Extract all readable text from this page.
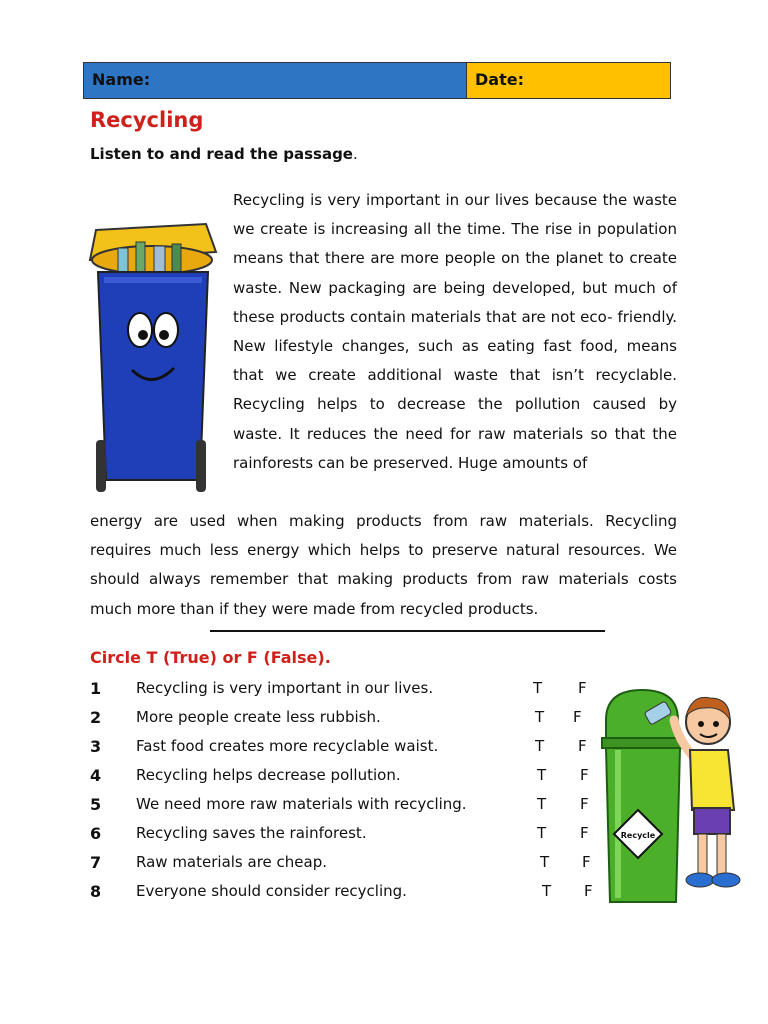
Name:	Date:
Recycling
Listen to and read the passage.
Recycling is very important in our lives because the waste we create is increasing all the time. The rise in population means that there are more people on the planet to create waste. New packaging are being developed, but much of these products contain materials that are not eco- friendly. New lifestyle changes, such as eating fast food, means that we create additional waste that isn’t recyclable. Recycling helps to decrease the pollution caused by waste. It reduces the need for raw materials so that the rainforests can be preserved. Huge amounts of
energy are used when making products from raw materials. Recycling requires much less energy which helps to preserve natural resources. We should always remember that making products from raw materials costs much more than if they were made from recycled products.
Circle T (True) or F (False).
1 Recycling is very important in our lives.	T F
2 More people create less rubbish.	T F
3 Fast food creates more recyclable waist.	T F
4 Recycling helps decrease pollution.	T F
5 We need more raw materials with recycling.	T F
6 Recycling saves the rainforest.	T F
7 Raw materials are cheap.	T F
8 Everyone should consider recycling.	T F
Recycle
